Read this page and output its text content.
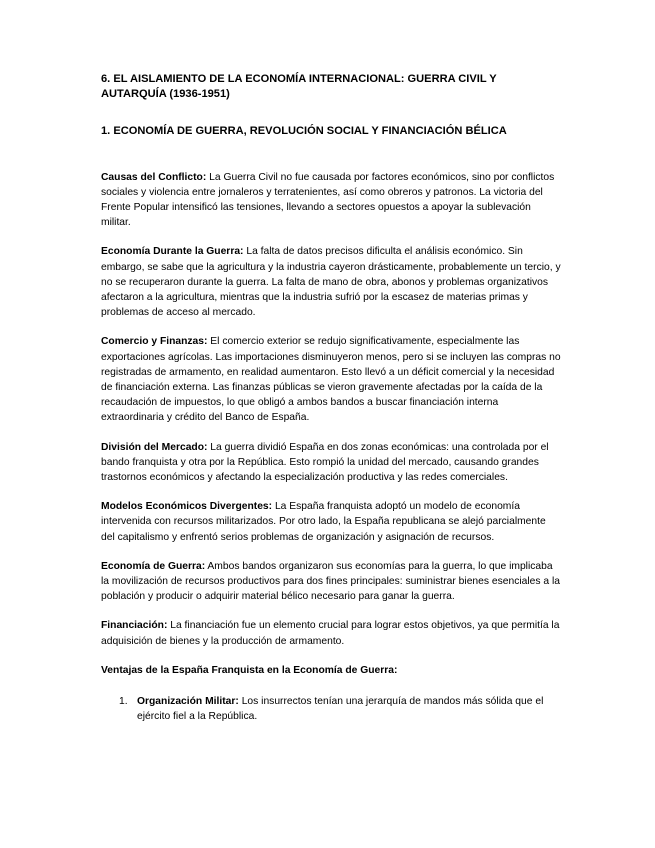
6. EL AISLAMIENTO DE LA ECONOMÍA INTERNACIONAL: GUERRA CIVIL Y AUTARQUÍA (1936-1951)
1. ECONOMÍA DE GUERRA, REVOLUCIÓN SOCIAL Y FINANCIACIÓN BÉLICA

Causas del Conflicto: La Guerra Civil no fue causada por factores económicos, sino por conflictos sociales y violencia entre jornaleros y terratenientes, así como obreros y patronos. La victoria del Frente Popular intensificó las tensiones, llevando a sectores opuestos a apoyar la sublevación militar.

Economía Durante la Guerra: La falta de datos precisos dificulta el análisis económico. Sin embargo, se sabe que la agricultura y la industria cayeron drásticamente, probablemente un tercio, y no se recuperaron durante la guerra. La falta de mano de obra, abonos y problemas organizativos afectaron a la agricultura, mientras que la industria sufrió por la escasez de materias primas y problemas de acceso al mercado.

Comercio y Finanzas: El comercio exterior se redujo significativamente, especialmente las exportaciones agrícolas. Las importaciones disminuyeron menos, pero si se incluyen las compras no registradas de armamento, en realidad aumentaron. Esto llevó a un déficit comercial y la necesidad de financiación externa. Las finanzas públicas se vieron gravemente afectadas por la caída de la recaudación de impuestos, lo que obligó a ambos bandos a buscar financiación interna extraordinaria y crédito del Banco de España.

División del Mercado: La guerra dividió España en dos zonas económicas: una controlada por el bando franquista y otra por la República. Esto rompió la unidad del mercado, causando grandes trastornos económicos y afectando la especialización productiva y las redes comerciales.

Modelos Económicos Divergentes: La España franquista adoptó un modelo de economía intervenida con recursos militarizados. Por otro lado, la España republicana se alejó parcialmente del capitalismo y enfrentó serios problemas de organización y asignación de recursos.

Economía de Guerra: Ambos bandos organizaron sus economías para la guerra, lo que implicaba la movilización de recursos productivos para dos fines principales: suministrar bienes esenciales a la población y producir o adquirir material bélico necesario para ganar la guerra.

Financiación: La financiación fue un elemento crucial para lograr estos objetivos, ya que permitía la adquisición de bienes y la producción de armamento.

Ventajas de la España Franquista en la Economía de Guerra:

1. Organización Militar: Los insurrectos tenían una jerarquía de mandos más sólida que el ejército fiel a la República.
